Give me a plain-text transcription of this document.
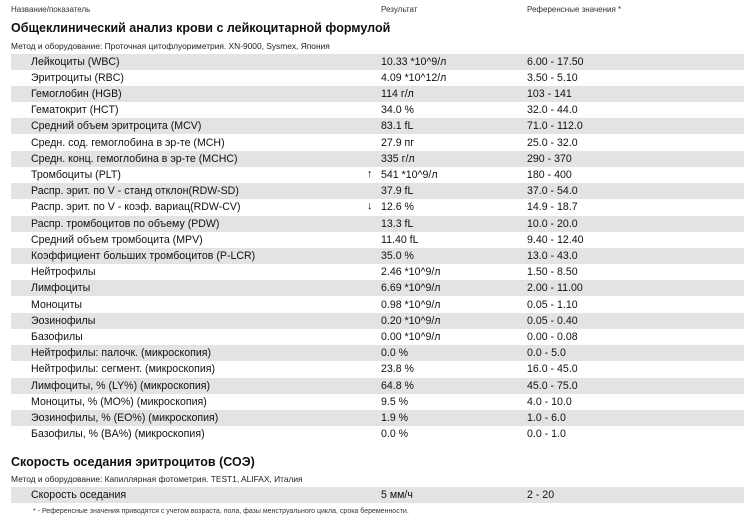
Название/показатель	Результат	Референсные значения *
Общеклинический анализ крови с лейкоцитарной формулой
Метод и оборудование: Проточная цитофлуориметрия. XN-9000, Sysmex, Япония
Лейкоциты (WBC)	10.33 *10^9/л	6.00 - 17.50
Эритроциты (RBC)	4.09 *10^12/л	3.50 - 5.10
Гемоглобин (HGB)	114 г/л	103 - 141
Гематокрит (HCT)	34.0 %	32.0 - 44.0
Средний объем эритроцита (MCV)	83.1 fL	71.0 - 112.0
Средн. сод. гемоглобина в эр-те (MCH)	27.9 пг	25.0 - 32.0
Средн. конц. гемоглобина в эр-те (MCHC)	335 г/л	290 - 370
Тромбоциты (PLT)	↑ 541 *10^9/л	180 - 400
Распр. эрит. по V - станд отклон(RDW-SD)	37.9 fL	37.0 - 54.0
Распр. эрит. по V - коэф. вариац(RDW-CV)	↓ 12.6 %	14.9 - 18.7
Распр. тромбоцитов по объему (PDW)	13.3 fL	10.0 - 20.0
Средний объем тромбоцита (MPV)	11.40 fL	9.40 - 12.40
Коэффициент больших тромбоцитов (P-LCR)	35.0 %	13.0 - 43.0
Нейтрофилы	2.46 *10^9/л	1.50 - 8.50
Лимфоциты	6.69 *10^9/л	2.00 - 11.00
Моноциты	0.98 *10^9/л	0.05 - 1.10
Эозинофилы	0.20 *10^9/л	0.05 - 0.40
Базофилы	0.00 *10^9/л	0.00 - 0.08
Нейтрофилы: палочк. (микроскопия)	0.0 %	0.0 - 5.0
Нейтрофилы: сегмент. (микроскопия)	23.8 %	16.0 - 45.0
Лимфоциты, % (LY%) (микроскопия)	64.8 %	45.0 - 75.0
Моноциты, % (MO%) (микроскопия)	9.5 %	4.0 - 10.0
Эозинофилы, % (EO%) (микроскопия)	1.9 %	1.0 - 6.0
Базофилы, % (BA%) (микроскопия)	0.0 %	0.0 - 1.0
Скорость оседания эритроцитов (СОЭ)
Метод и оборудование: Капиллярная фотометрия. TEST1, ALIFAX, Италия
Скорость оседания	5 мм/ч	2 - 20
* - Референсные значения приводятся с учетом возраста, пола, фазы менструального цикла, срока беременности.
